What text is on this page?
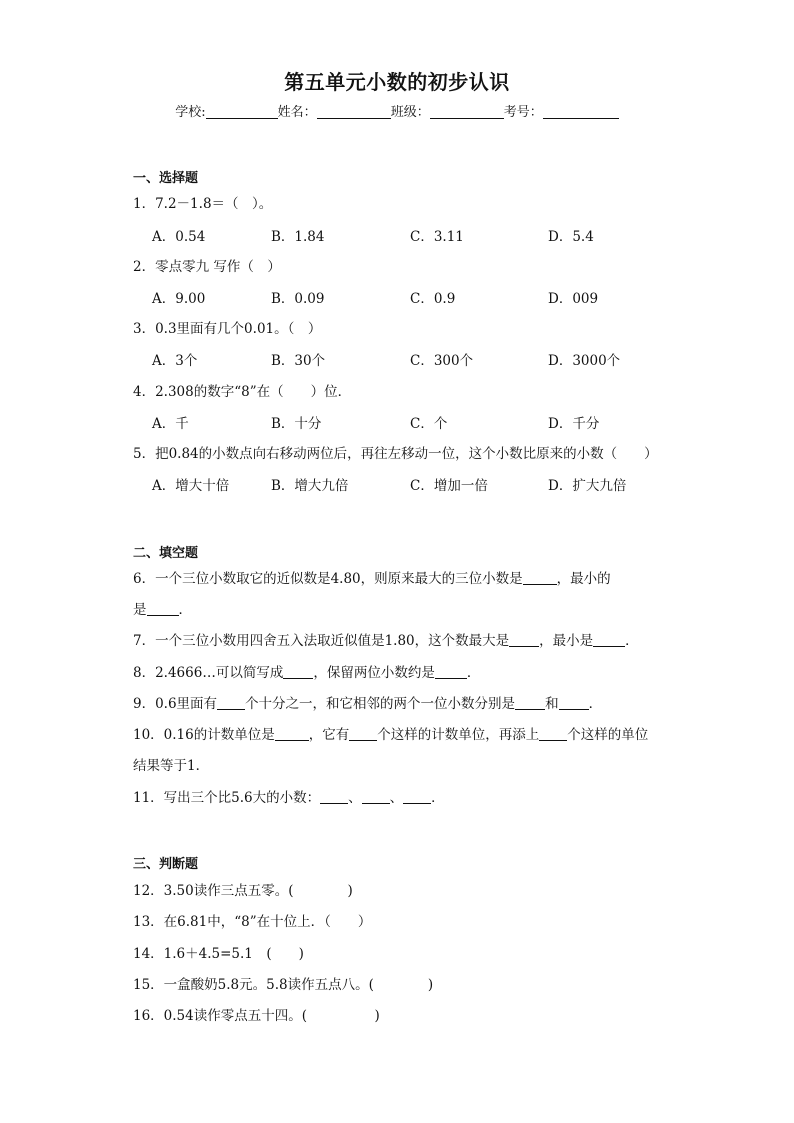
第五单元小数的初步认识
学校:	姓名：	班级：	考号：
一、选择题
1．7.2－1.8＝（　）。
A．0.54	B．1.84	C．3.11	D．5.4
2．零点零九 写作（　）
A．9.00	B．0.09	C．0.9	D．009
3．0.3里面有几个0.01。（　）
A．3个	B．30个	C．300个	D．3000个
4．2.308的数字“8”在（　　）位．
A．千	B．十分	C．个	D．千分
5．把0.84的小数点向右移动两位后，再往左移动一位，这个小数比原来的小数（　　）
A．增大十倍	B．增大九倍	C．增加一倍	D．扩大九倍
二、填空题
6．一个三位小数取它的近似数是4.80，则原来最大的三位小数是	，最小的
是 ．
7．一个三位小数用四舍五入法取近似值是1.80，这个数最大是 ，最小是 ．
8．2.4666…可以简写成 ，保留两位小数约是 ．
9．0.6里面有 个十分之一，和它相邻的两个一位小数分别是 和 ．
10．0.16的计数单位是	，它有 个这样的计数单位，再添上 个这样的单位
结果等于1．
11．写出三个比5.6大的小数： 、 、 ．
三、判断题
12．3.50读作三点五零。(　　　　)
13．在6.81中，“8”在十位上．（　　）
14．1.6＋4.5=5.1　(　　)
15．一盒酸奶5.8元。5.8读作五点八。(　　　　)
16．0.54读作零点五十四。(　　　　　)
